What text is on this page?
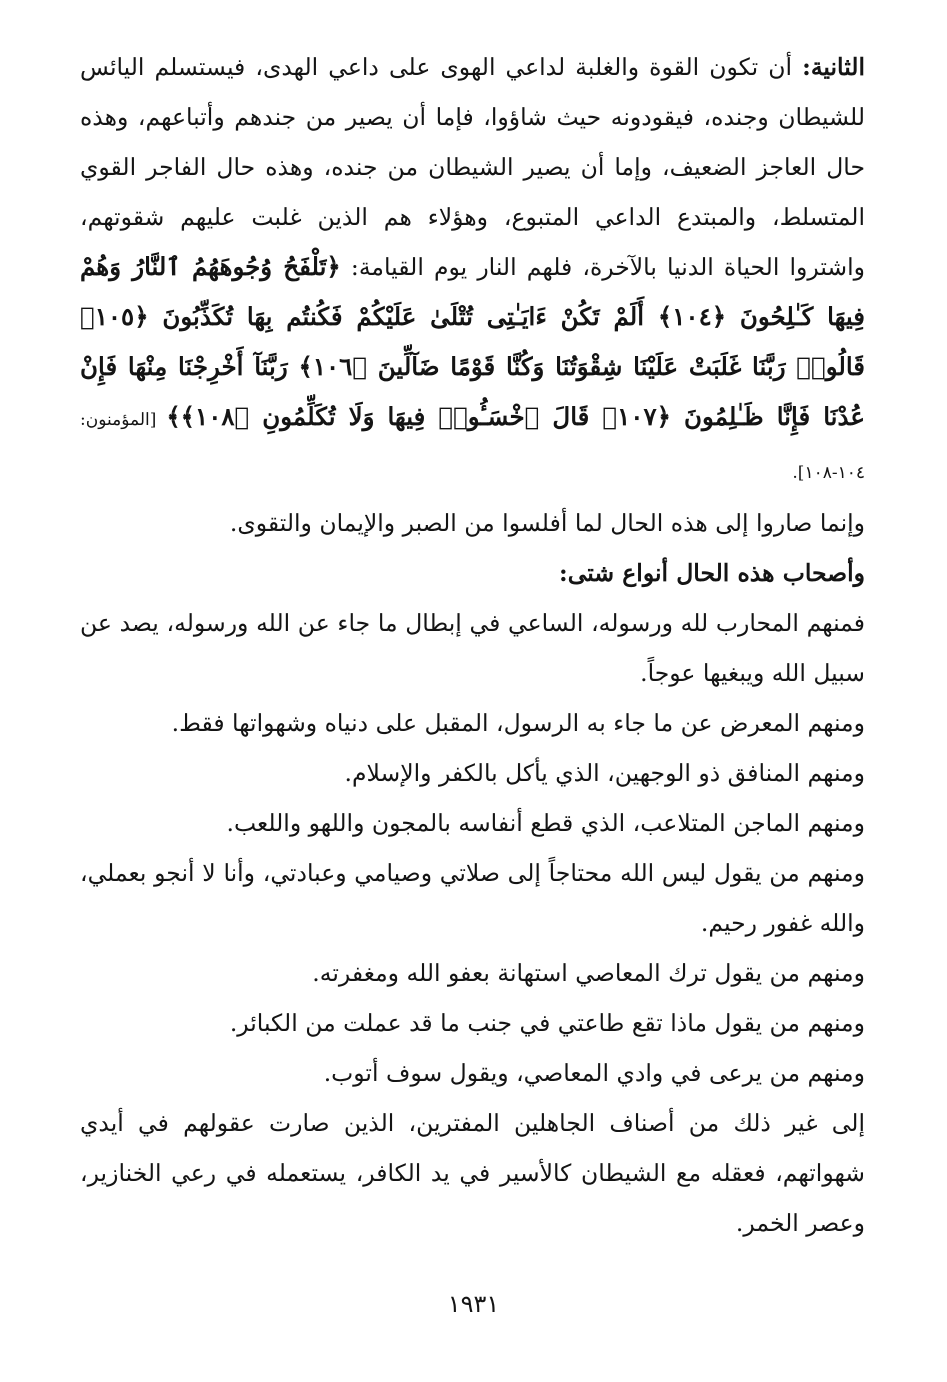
الثانية: أن تكون القوة والغلبة لداعي الهوى على داعي الهدى، فيستسلم اليائس للشيطان وجنده، فيقودونه حيث شاؤوا، فإما أن يصير من جندهم وأتباعهم، وهذه حال العاجز الضعيف، وإما أن يصير الشيطان من جنده، وهذه حال الفاجر القوي المتسلط، والمبتدع الداعي المتبوع، وهؤلاء هم الذين غلبت عليهم شقوتهم، واشتروا الحياة الدنيا بالآخرة، فلهم النار يوم القيامة: ﴿تَلْفَحُ وُجُوهَهُمُ ٱلنَّارُ وَهُمْ فِيهَا كَـٰلِحُونَ ﴿١٠٤﴾ أَلَمْ تَكُنْ ءَايَـٰتِى تُتْلَىٰ عَلَيْكُمْ فَكُنتُم بِهَا تُكَذِّبُونَ ﴿١٠٥﴾ قَالُوا۟ رَبَّنَا غَلَبَتْ عَلَيْنَا شِقْوَتُنَا وَكُنَّا قَوْمًا ضَآلِّينَ ﴿١٠٦﴾ رَبَّنَآ أَخْرِجْنَا مِنْهَا فَإِنْ عُدْنَا فَإِنَّا ظَـٰلِمُونَ ﴿١٠٧﴾ قَالَ ٱخْسَـُٔوا۟ فِيهَا وَلَا تُكَلِّمُونِ ﴿١٠٨﴾﴾ [المؤمنون: ١٠٤-١٠٨].

وإنما صاروا إلى هذه الحال لما أفلسوا من الصبر والإيمان والتقوى.

وأصحاب هذه الحال أنواع شتى:

فمنهم المحارب لله ورسوله، الساعي في إبطال ما جاء عن الله ورسوله، يصد عن سبيل الله ويبغيها عوجاً.

ومنهم المعرض عن ما جاء به الرسول، المقبل على دنياه وشهواتها فقط.

ومنهم المنافق ذو الوجهين، الذي يأكل بالكفر والإسلام.

ومنهم الماجن المتلاعب، الذي قطع أنفاسه بالمجون واللهو واللعب.

ومنهم من يقول ليس الله محتاجاً إلى صلاتي وصيامي وعبادتي، وأنا لا أنجو بعملي، والله غفور رحيم.

ومنهم من يقول ترك المعاصي استهانة بعفو الله ومغفرته.

ومنهم من يقول ماذا تقع طاعتي في جنب ما قد عملت من الكبائر.

ومنهم من يرعى في وادي المعاصي، ويقول سوف أتوب.

إلى غير ذلك من أصناف الجاهلين المفترين، الذين صارت عقولهم في أيدي شهواتهم، فعقله مع الشيطان كالأسير في يد الكافر، يستعمله في رعي الخنازير، وعصر الخمر.

١٩٣١
